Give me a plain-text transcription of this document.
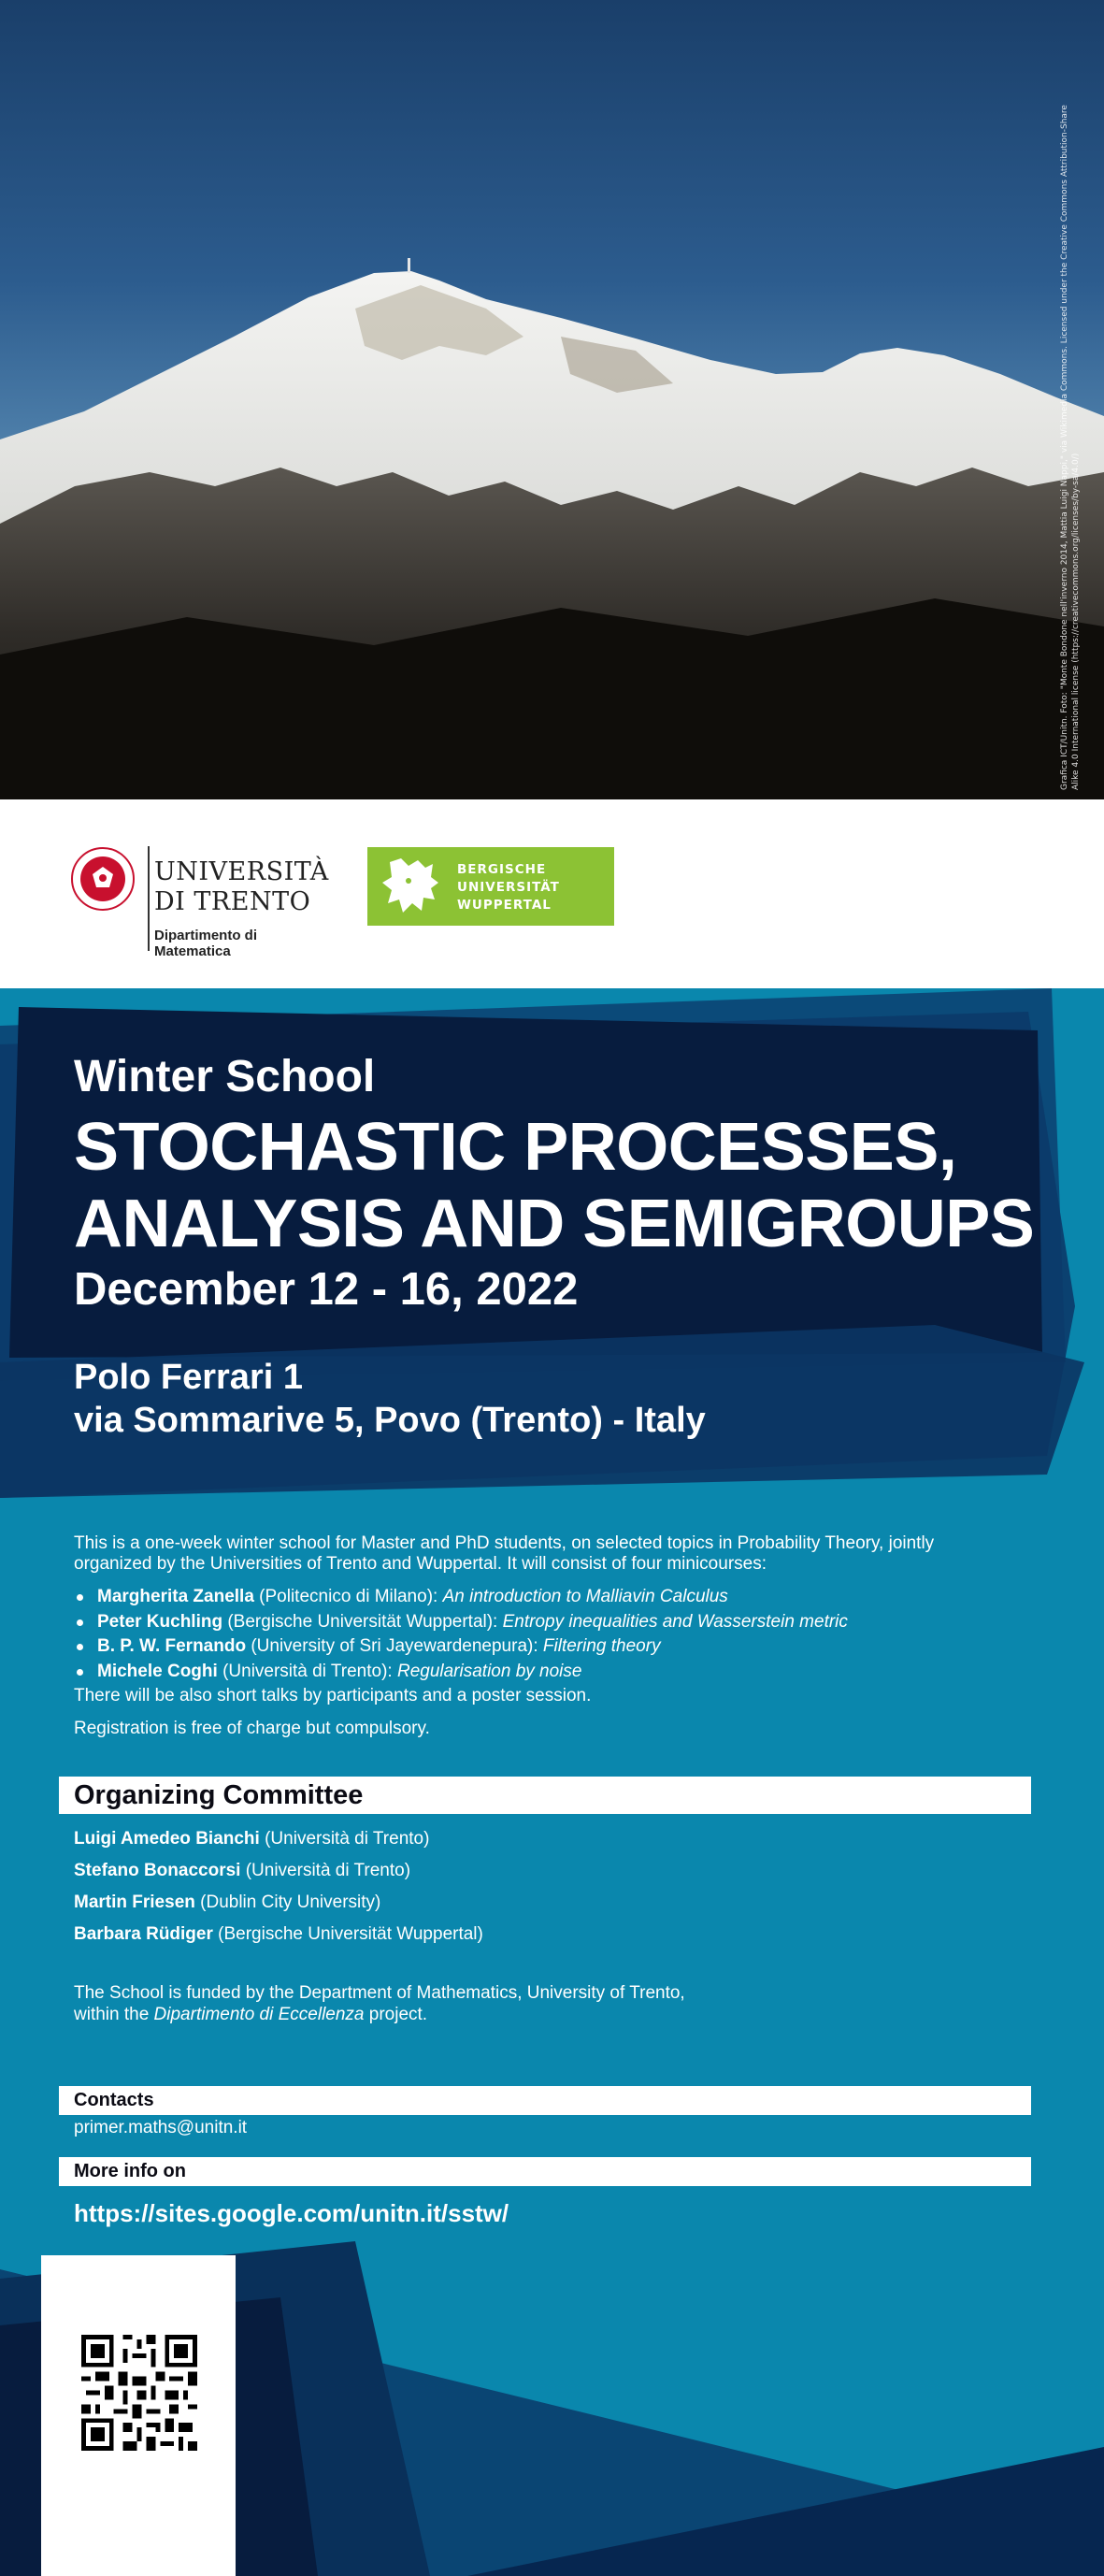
Grafica ICT/Unitn. Foto: "Monte Bondone nell'inverno 2014, Mattia Luigi Nappi," via Wikimedia Commons. Licensed under the Creative Commons Attribution-Share Alike 4.0 International license (https://creativecommons.org/licenses/by-sa/4.0/)
UNIVERSITÀ
DI TRENTO
Dipartimento di
Matematica
BERGISCHE
UNIVERSITÄT
WUPPERTAL
Winter School
STOCHASTIC PROCESSES,
ANALYSIS AND SEMIGROUPS
December 12 - 16, 2022
Polo Ferrari 1
via Sommarive 5, Povo (Trento) - Italy
This is a one-week winter school for Master and PhD students, on selected topics in Probability Theory, jointly
organized by the Universities of Trento and Wuppertal. It will consist of four minicourses:
Margherita Zanella (Politecnico di Milano): An introduction to Malliavin Calculus
Peter Kuchling (Bergische Universität Wuppertal): Entropy inequalities and Wasserstein metric
B. P. W. Fernando (University of Sri Jayewardenepura): Filtering theory
Michele Coghi (Università di Trento): Regularisation by noise
There will be also short talks by participants and a poster session.
Registration is free of charge but compulsory.
Organizing Committee
Luigi Amedeo Bianchi (Università di Trento)
Stefano Bonaccorsi (Università di Trento)
Martin Friesen (Dublin City University)
Barbara Rüdiger (Bergische Universität Wuppertal)
The School is funded by the Department of Mathematics, University of Trento,
within the Dipartimento di Eccellenza project.
Contacts
primer.maths@unitn.it
More info on
https://sites.google.com/unitn.it/sstw/
